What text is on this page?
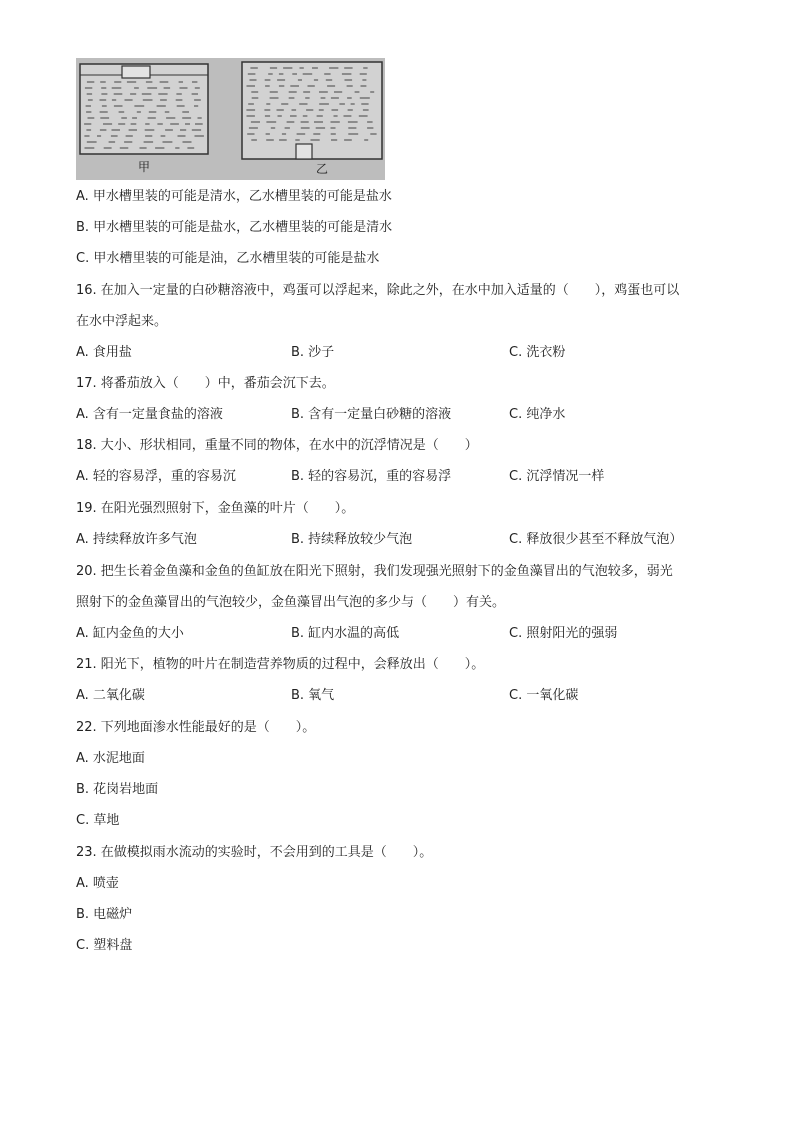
甲	乙
A. 甲水槽里装的可能是清水，乙水槽里装的可能是盐水
B. 甲水槽里装的可能是盐水，乙水槽里装的可能是清水
C. 甲水槽里装的可能是油，乙水槽里装的可能是盐水
16. 在加入一定量的白砂糖溶液中，鸡蛋可以浮起来，除此之外，在水中加入适量的（　　），鸡蛋也可以
在水中浮起来。
A. 食用盐	B. 沙子	C. 洗衣粉
17. 将番茄放入（　　）中，番茄会沉下去。
A. 含有一定量食盐的溶液	B. 含有一定量白砂糖的溶液	C. 纯净水
18. 大小、形状相同，重量不同的物体，在水中的沉浮情况是（　　）
A. 轻的容易浮，重的容易沉	B. 轻的容易沉，重的容易浮	C. 沉浮情况一样
19. 在阳光强烈照射下，金鱼藻的叶片（　　）。
A. 持续释放许多气泡	B. 持续释放较少气泡	C. 释放很少甚至不释放气泡）
20. 把生长着金鱼藻和金鱼的鱼缸放在阳光下照射，我们发现强光照射下的金鱼藻冒出的气泡较多，弱光
照射下的金鱼藻冒出的气泡较少，金鱼藻冒出气泡的多少与（　　）有关。
A. 缸内金鱼的大小	B. 缸内水温的高低	C. 照射阳光的强弱
21. 阳光下，植物的叶片在制造营养物质的过程中，会释放出（　　）。
A. 二氧化碳	B. 氧气	C. 一氧化碳
22. 下列地面渗水性能最好的是（　　）。
A. 水泥地面
B. 花岗岩地面
C. 草地
23. 在做模拟雨水流动的实验时，不会用到的工具是（　　）。
A. 喷壶
B. 电磁炉
C. 塑料盘
